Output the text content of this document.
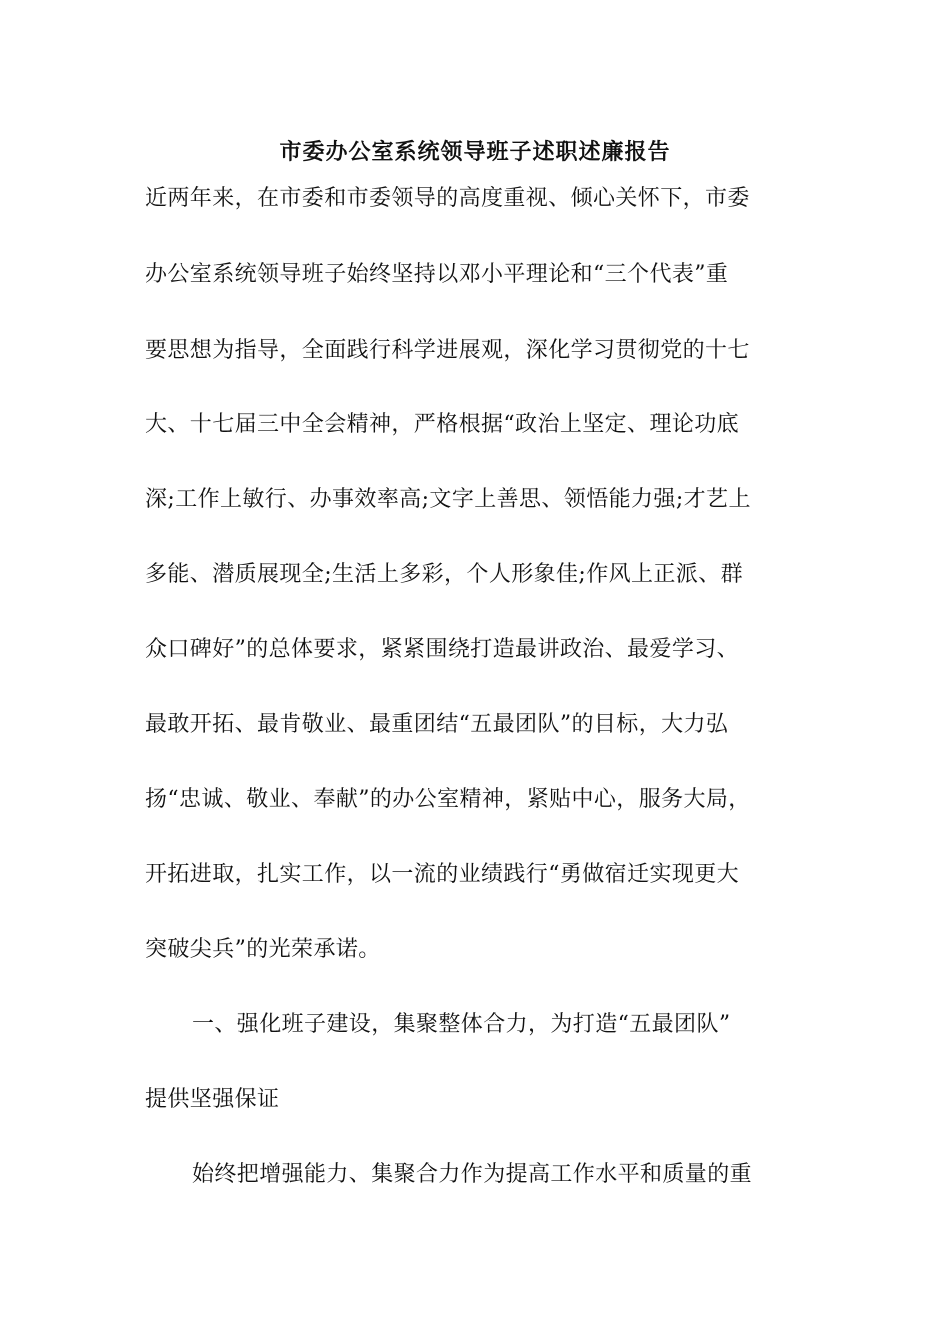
市委办公室系统领导班子述职述廉报告
近两年来，在市委和市委领导的高度重视、倾心关怀下，市委
办公室系统领导班子始终坚持以邓小平理论和“三个代表”重
要思想为指导，全面践行科学进展观，深化学习贯彻党的十七
大、十七届三中全会精神，严格根据“政治上坚定、理论功底
深;工作上敏行、办事效率高;文字上善思、领悟能力强;才艺上
多能、潜质展现全;生活上多彩，个人形象佳;作风上正派、群
众口碑好”的总体要求，紧紧围绕打造最讲政治、最爱学习、
最敢开拓、最肯敬业、最重团结“五最团队”的目标，大力弘
扬“忠诚、敬业、奉献”的办公室精神，紧贴中心，服务大局，
开拓进取，扎实工作，以一流的业绩践行“勇做宿迁实现更大
突破尖兵”的光荣承诺。
一、强化班子建设，集聚整体合力，为打造“五最团队”
提供坚强保证
始终把增强能力、集聚合力作为提高工作水平和质量的重
